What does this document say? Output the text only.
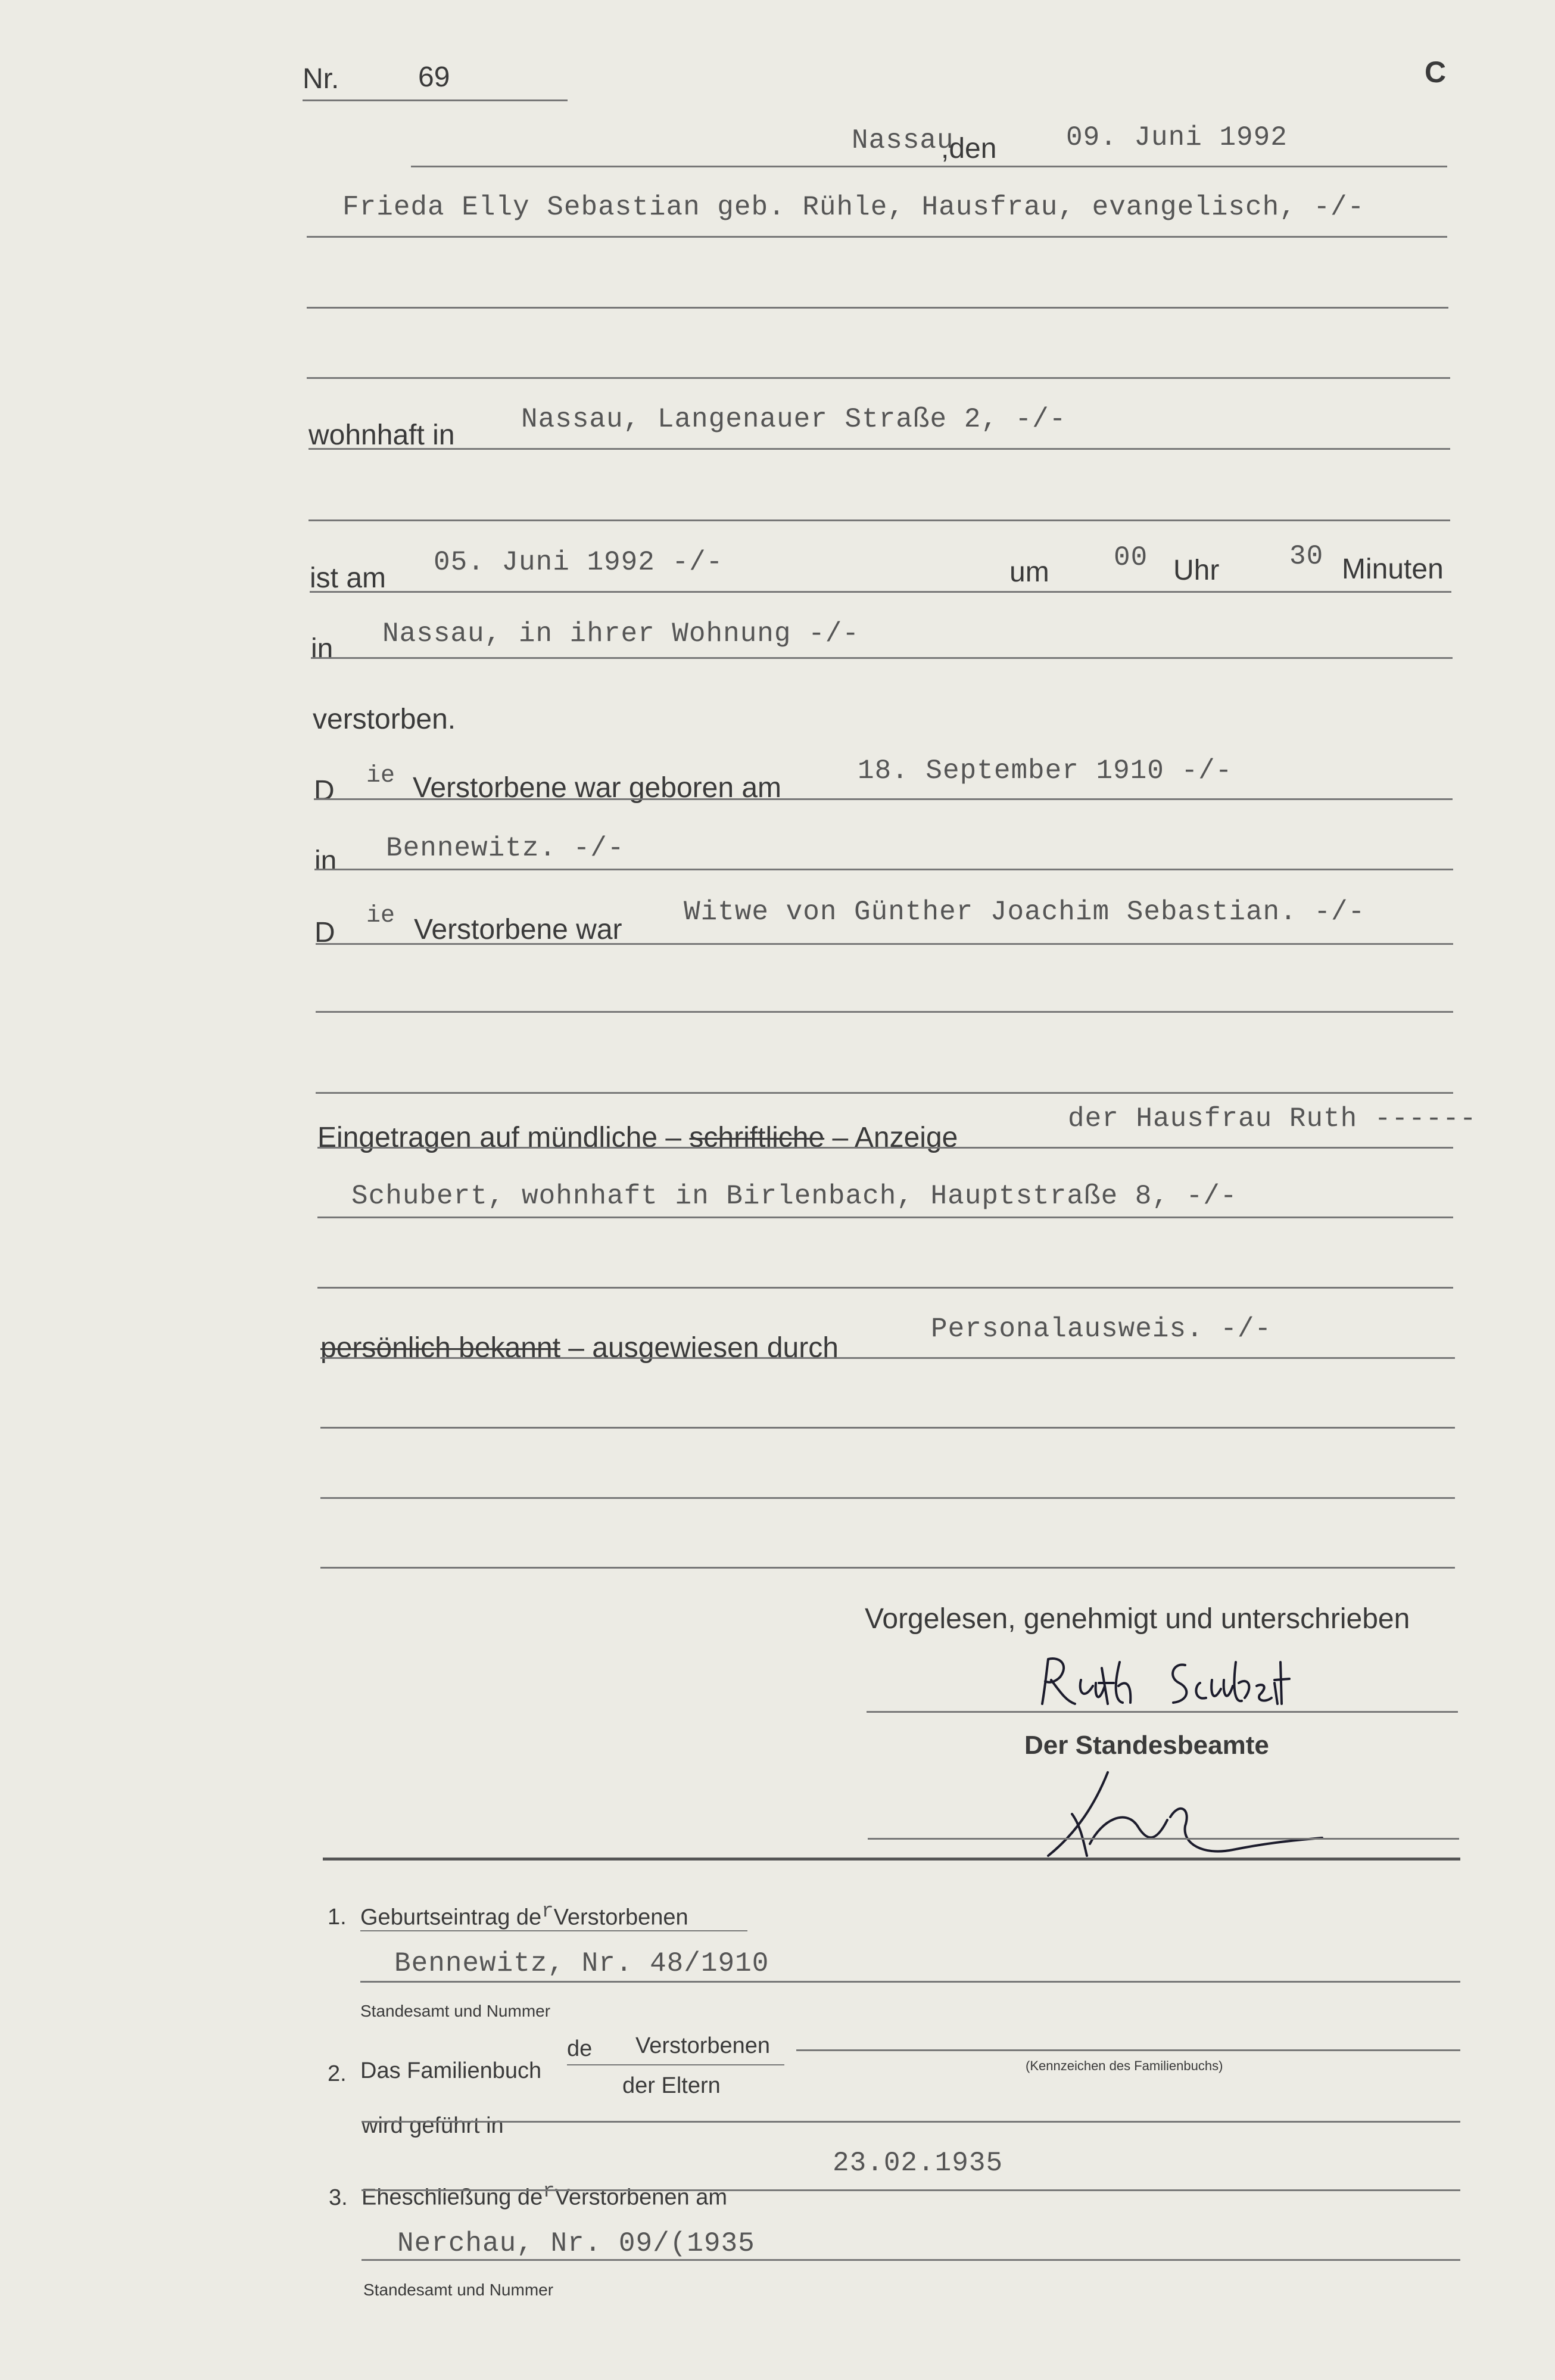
Nr.	69	C
Nassau
,den	09. Juni 1992
Frieda Elly Sebastian geb. Rühle, Hausfrau, evangelisch, -/-
wohnhaft in Nassau, Langenauer Straße 2, -/-
ist am 05. Juni 1992 -/-	um 00 Uhr	30 Minuten
in Nassau, in ihrer Wohnung -/-
verstorben.
D ie Verstorbene war geboren am
18. September 1910 -/-
in Bennewitz. -/-
D
ie Verstorbene war
Witwe von Günther Joachim Sebastian. -/-
Eingetragen auf mündliche – schriftliche – Anzeige
der Hausfrau Ruth ------
Schubert, wohnhaft in Birlenbach, Hauptstraße 8, -/-
persönlich bekannt – ausgewiesen durch
Personalausweis. -/-
Vorgelesen, genehmigt und unterschrieben
Der Standesbeamte
1. Geburtseintrag $de^rVerstorbenen$
Bennewitz, Nr. 48/1910
Standesamt und Nummer
2. Das Familienbuch
de Verstorbenen
der Eltern
(Kennzeichen des Familienbuchs)
wird geführt in
3. Eheschließung $de^rVerstorbenen$ am
23.02.1935
Nerchau, Nr. 09/(1935
Standesamt und Nummer
